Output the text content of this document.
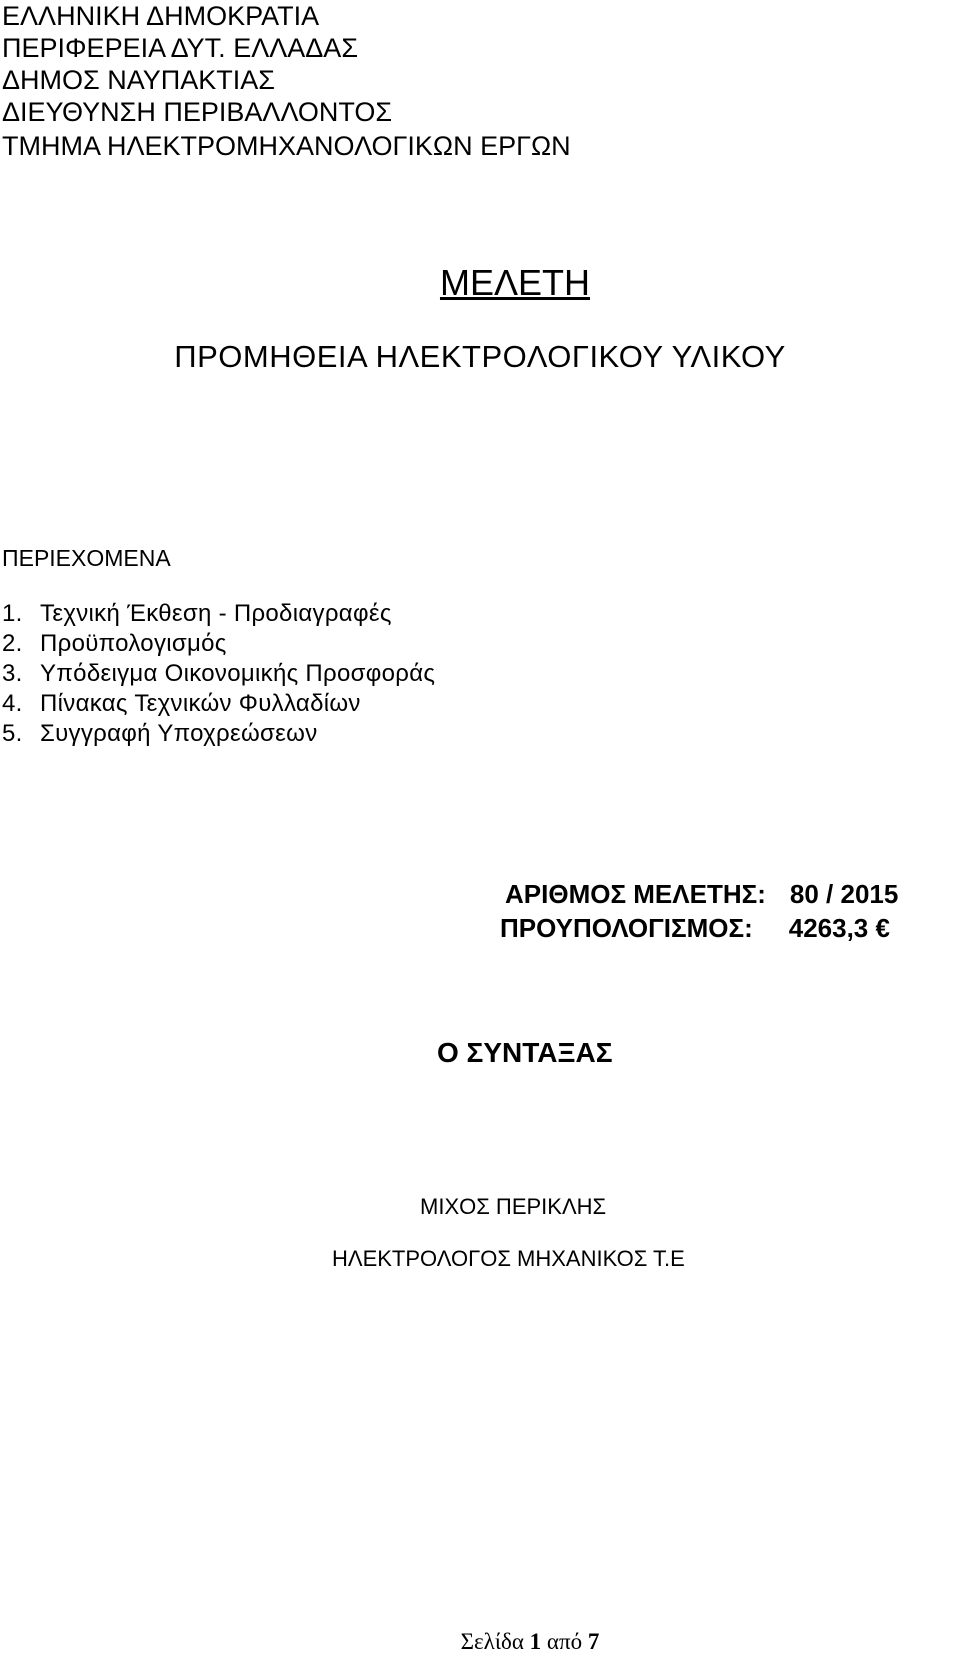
ΕΛΛΗΝΙΚΗ ΔΗΜΟΚΡΑΤΙΑ
ΠΕΡΙΦΕΡΕΙΑ ΔΥΤ. ΕΛΛΑΔΑΣ
ΔΗΜΟΣ ΝΑΥΠΑΚΤΙΑΣ
ΔΙΕΥΘΥΝΣΗ ΠΕΡΙΒΑΛΛΟΝΤΟΣ
ΤΜΗΜΑ ΗΛΕΚΤΡΟΜΗΧΑΝΟΛΟΓΙΚΩΝ ΕΡΓΩΝ
ΜΕΛΕΤΗ
ΠΡΟΜΗΘΕΙΑ ΗΛΕΚΤΡΟΛΟΓΙΚΟΥ ΥΛΙΚΟΥ
ΠΕΡΙΕΧΟΜΕΝΑ
1. Τεχνική Έκθεση - Προδιαγραφές
2. Προϋπολογισμός
3. Υπόδειγμα Οικονομικής Προσφοράς
4. Πίνακας Τεχνικών Φυλλαδίων
5. Συγγραφή Υποχρεώσεων
ΑΡΙΘΜΟΣ ΜΕΛΕΤΗΣ: 80 / 2015
ΠΡΟΥΠΟΛΟΓΙΣΜΟΣ: 4263,3 €
Ο ΣΥΝΤΑΞΑΣ
ΜΙΧΟΣ ΠΕΡΙΚΛΗΣ
ΗΛΕΚΤΡΟΛΟΓΟΣ ΜΗΧΑΝΙΚΟΣ Τ.Ε
Σελίδα 1 από 7
